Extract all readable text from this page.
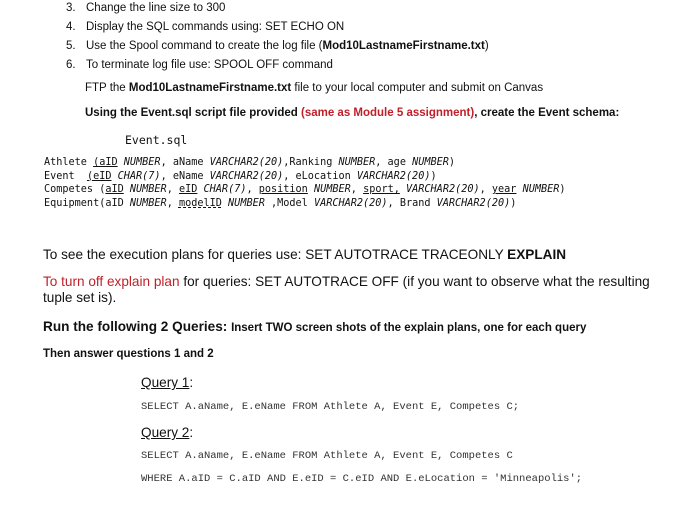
3. Change the line size to 300
4. Display the SQL commands using: SET ECHO ON
5. Use the Spool command to create the log file ( Mod10LastnameFirstname.txt )
6. To terminate log file use: SPOOL OFF command
FTP the Mod10LastnameFirstname.txt file to your local computer and submit on Canvas
Using the Event.sql script file provided (same as Module 5 assignment), create the Event schema:
Event.sql
Athlete (aID NUMBER, aName VARCHAR2(20),Ranking NUMBER, age NUMBER)
Event  (eID CHAR(7), eName VARCHAR2(20), eLocation VARCHAR2(20))
Competes (aID NUMBER, eID CHAR(7), position NUMBER, sport, VARCHAR2(20), year NUMBER)
Equipment(aID NUMBER, modelID NUMBER ,Model VARCHAR2(20), Brand VARCHAR2(20))
To see the execution plans for queries use: SET AUTOTRACE TRACEONLY EXPLAIN
To turn off explain plan for queries: SET AUTOTRACE OFF (if you want to observe what the resulting
tuple set is).
Run the following 2 Queries: Insert TWO screen shots of the explain plans, one for each query
Then answer questions 1 and 2
Query 1:
SELECT A.aName, E.eName FROM Athlete A, Event E, Competes C;
Query 2:
SELECT A.aName, E.eName FROM Athlete A, Event E, Competes C
WHERE A.aID = C.aID AND E.eID = C.eID AND E.eLocation = 'Minneapolis';
